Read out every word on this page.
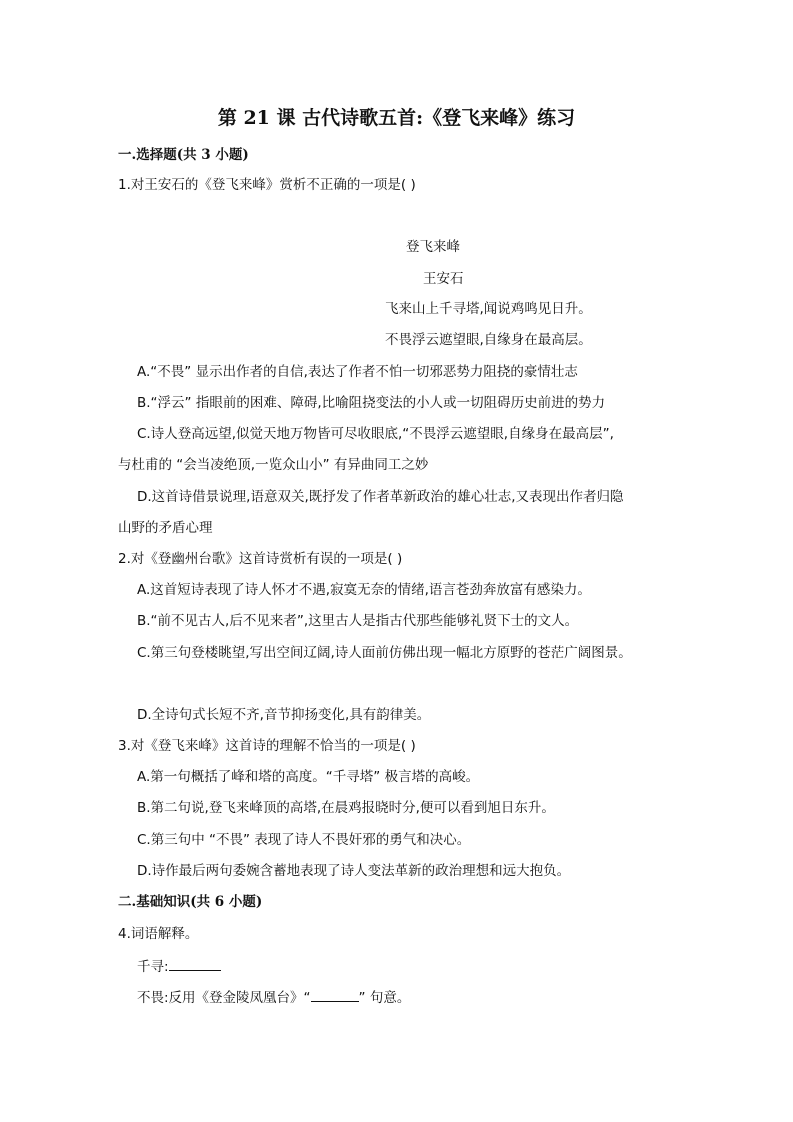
第 21 课 古代诗歌五首:《登飞来峰》练习
一.选择题(共 3 小题)
1.对王安石的《登飞来峰》赏析不正确的一项是( )
登飞来峰
王安石
飞来山上千寻塔,闻说鸡鸣见日升。
不畏浮云遮望眼,自缘身在最高层。
A.“不畏” 显示出作者的自信,表达了作者不怕一切邪恶势力阻挠的豪情壮志
B.“浮云” 指眼前的困难、障碍,比喻阻挠变法的小人或一切阻碍历史前进的势力
C.诗人登高远望,似觉天地万物皆可尽收眼底,“不畏浮云遮望眼,自缘身在最高层”,
与杜甫的 “会当凌绝顶,一览众山小” 有异曲同工之妙
D.这首诗借景说理,语意双关,既抒发了作者革新政治的雄心壮志,又表现出作者归隐
山野的矛盾心理
2.对《登幽州台歌》这首诗赏析有误的一项是( )
A.这首短诗表现了诗人怀才不遇,寂寞无奈的情绪,语言苍劲奔放富有感染力。
B.“前不见古人,后不见来者”,这里古人是指古代那些能够礼贤下士的文人。
C.第三句登楼眺望,写出空间辽阔,诗人面前仿佛出现一幅北方原野的苍茫广阔图景。
D.全诗句式长短不齐,音节抑扬变化,具有韵律美。
3.对《登飞来峰》这首诗的理解不恰当的一项是( )
A.第一句概括了峰和塔的高度。“千寻塔” 极言塔的高峻。
B.第二句说,登飞来峰顶的高塔,在晨鸡报晓时分,便可以看到旭日东升。
C.第三句中 “不畏” 表现了诗人不畏奸邪的勇气和决心。
D.诗作最后两句委婉含蓄地表现了诗人变法革新的政治理想和远大抱负。
二.基础知识(共 6 小题)
4.词语解释。
千寻:
不畏:反用《登金陵凤凰台》“	” 句意。
